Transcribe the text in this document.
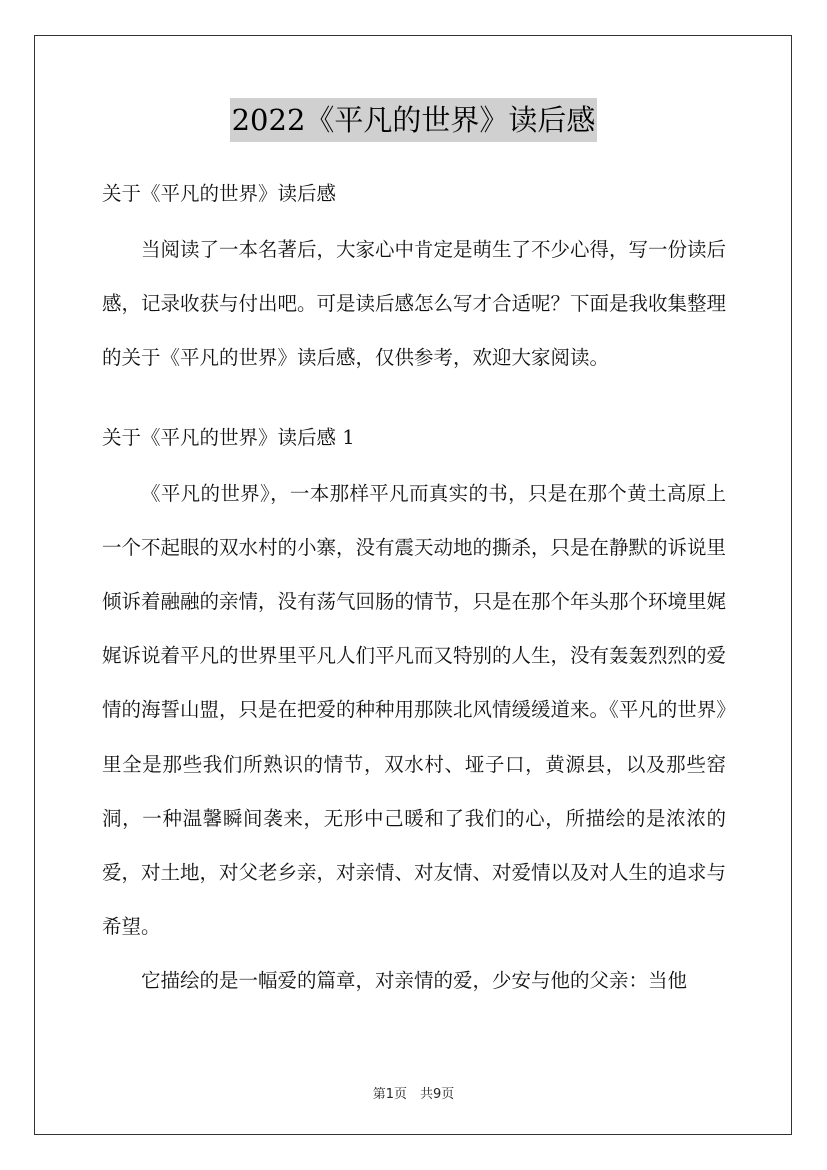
2022《平凡的世界》读后感

关于《平凡的世界》读后感

当阅读了一本名著后，大家心中肯定是萌生了不少心得，写一份读后感，记录收获与付出吧。可是读后感怎么写才合适呢？下面是我收集整理的关于《平凡的世界》读后感，仅供参考，欢迎大家阅读。

关于《平凡的世界》读后感 1

《平凡的世界》，一本那样平凡而真实的书，只是在那个黄土高原上一个不起眼的双水村的小寨，没有震天动地的撕杀，只是在静默的诉说里倾诉着融融的亲情，没有荡气回肠的情节，只是在那个年头那个环境里娓娓诉说着平凡的世界里平凡人们平凡而又特别的人生，没有轰轰烈烈的爱情的海誓山盟，只是在把爱的种种用那陕北风情缓缓道来。《平凡的世界》里全是那些我们所熟识的情节，双水村、垭子口，黄源县，以及那些窑洞，一种温馨瞬间袭来，无形中己暖和了我们的心，所描绘的是浓浓的爱，对土地，对父老乡亲，对亲情、对友情、对爱情以及对人生的追求与希望。

它描绘的是一幅爱的篇章，对亲情的爱，少安与他的父亲：当他

第1页　共9页
